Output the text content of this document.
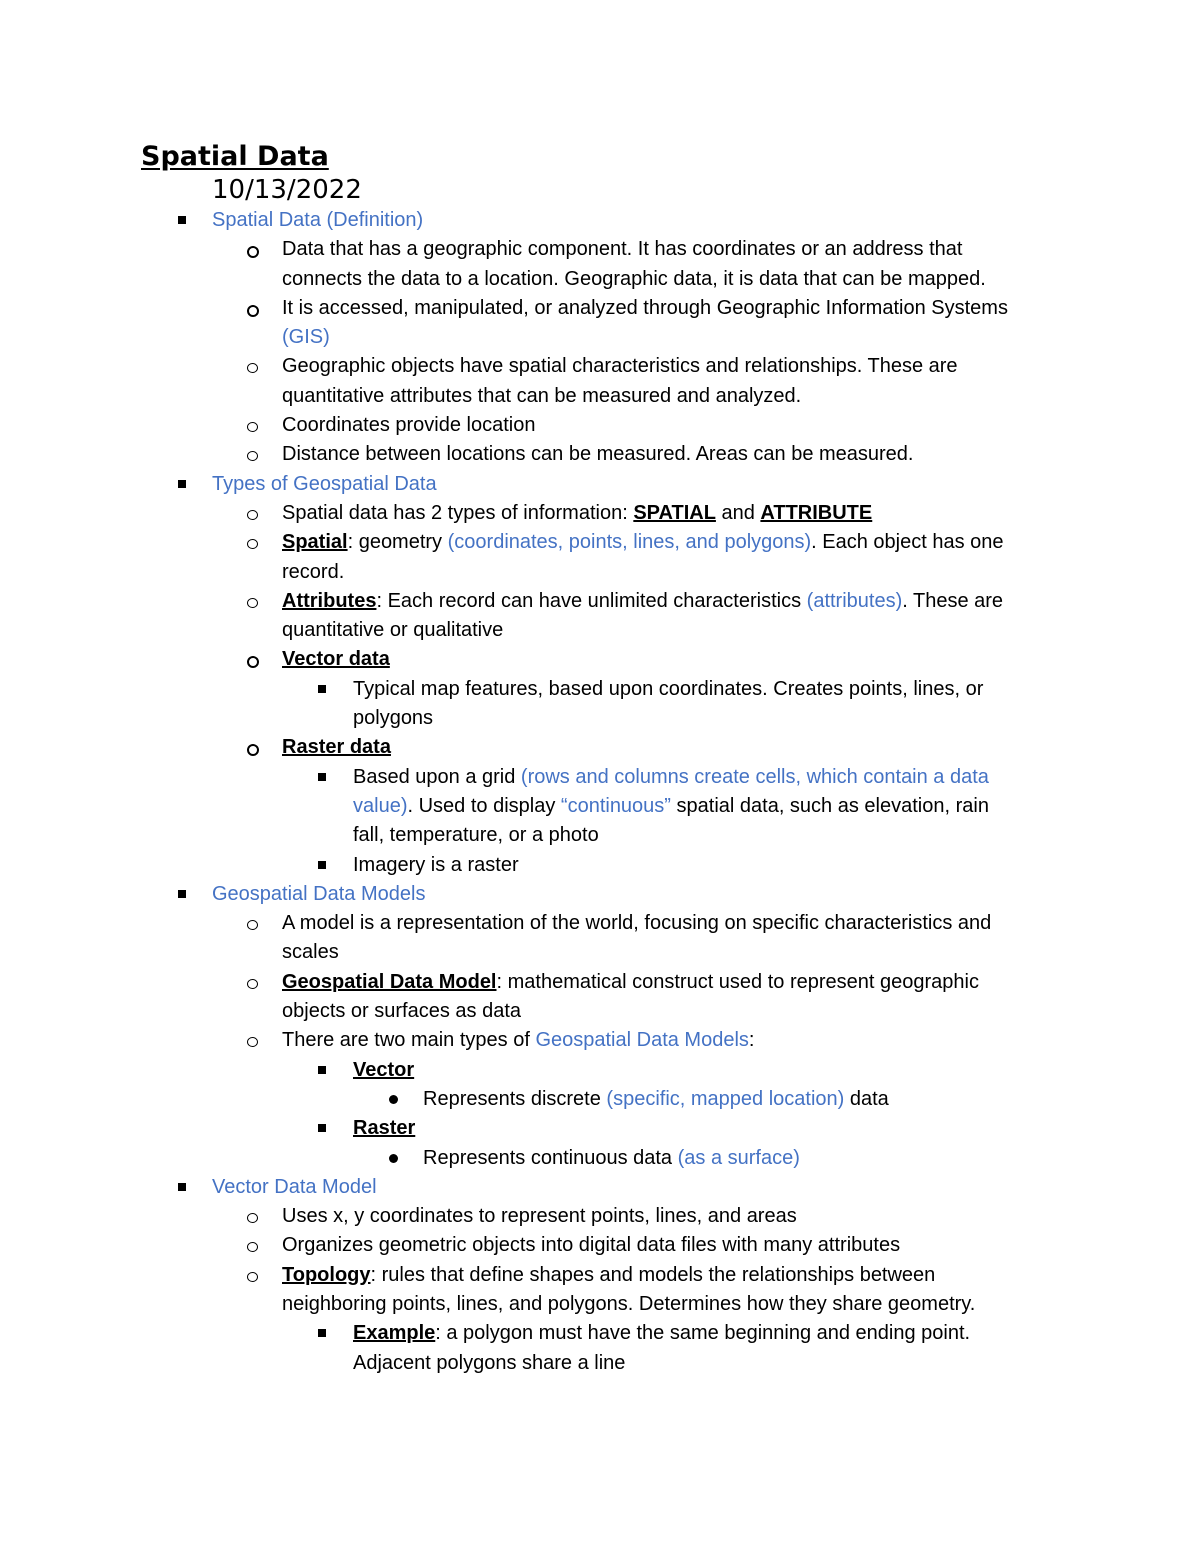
Spatial Data
10/13/2022
Spatial Data (Definition)
Data that has a geographic component. It has coordinates or an address that
connects the data to a location. Geographic data, it is data that can be mapped.
It is accessed, manipulated, or analyzed through Geographic Information Systems
(GIS)
Geographic objects have spatial characteristics and relationships. These are
quantitative attributes that can be measured and analyzed.
Coordinates provide location
Distance between locations can be measured. Areas can be measured.
Types of Geospatial Data
Spatial data has 2 types of information: SPATIAL and ATTRIBUTE
Spatial: geometry (coordinates, points, lines, and polygons). Each object has one
record.
Attributes: Each record can have unlimited characteristics (attributes). These are
quantitative or qualitative
Vector data
Typical map features, based upon coordinates. Creates points, lines, or
polygons
Raster data
Based upon a grid (rows and columns create cells, which contain a data
value). Used to display “continuous” spatial data, such as elevation, rain
fall, temperature, or a photo
Imagery is a raster
Geospatial Data Models
A model is a representation of the world, focusing on specific characteristics and
scales
Geospatial Data Model: mathematical construct used to represent geographic
objects or surfaces as data
There are two main types of Geospatial Data Models:
Vector
Represents discrete (specific, mapped location) data
Raster
Represents continuous data (as a surface)
Vector Data Model
Uses x, y coordinates to represent points, lines, and areas
Organizes geometric objects into digital data files with many attributes
Topology: rules that define shapes and models the relationships between
neighboring points, lines, and polygons. Determines how they share geometry.
Example: a polygon must have the same beginning and ending point.
Adjacent polygons share a line
